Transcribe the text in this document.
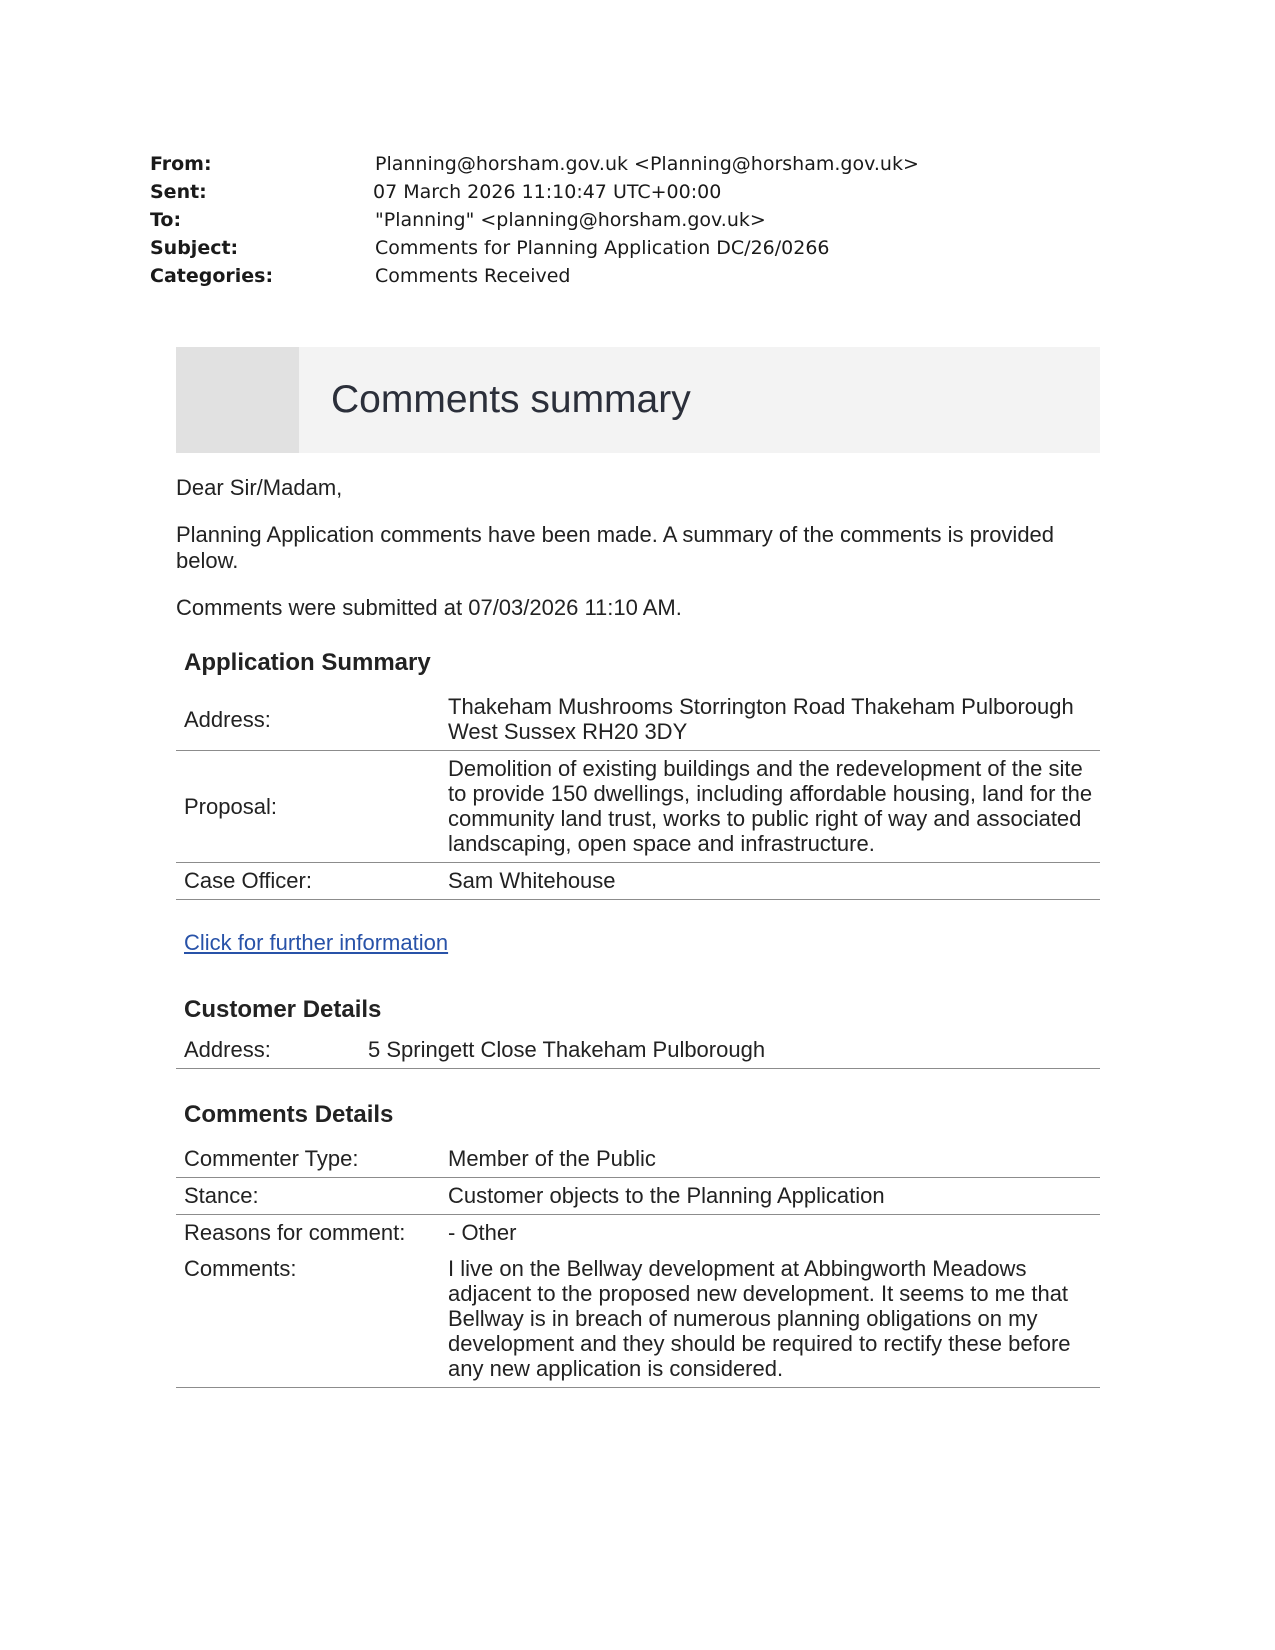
From:	Planning@horsham.gov.uk <Planning@horsham.gov.uk>
Sent:	07 March 2026 11:10:47 UTC+00:00
To:	"Planning" <planning@horsham.gov.uk>
Subject:	Comments for Planning Application DC/26/0266
Categories:	Comments Received
Comments summary

Dear Sir/Madam,

Planning Application comments have been made. A summary of the comments is provided below.

Comments were submitted at 07/03/2026 11:10 AM.

Application Summary
Address:	Thakeham Mushrooms Storrington Road Thakeham Pulborough West Sussex RH20 3DY
Proposal:	Demolition of existing buildings and the redevelopment of the site to provide 150 dwellings, including affordable housing, land for the community land trust, works to public right of way and associated landscaping, open space and infrastructure.
Case Officer:	Sam Whitehouse
Click for further information
Customer Details
Address:	5 Springett Close Thakeham Pulborough
Comments Details
Commenter Type:	Member of the Public
Stance:	Customer objects to the Planning Application
Reasons for comment:	- Other
Comments:	I live on the Bellway development at Abbingworth Meadows adjacent to the proposed new development. It seems to me that Bellway is in breach of numerous planning obligations on my development and they should be required to rectify these before any new application is considered.
